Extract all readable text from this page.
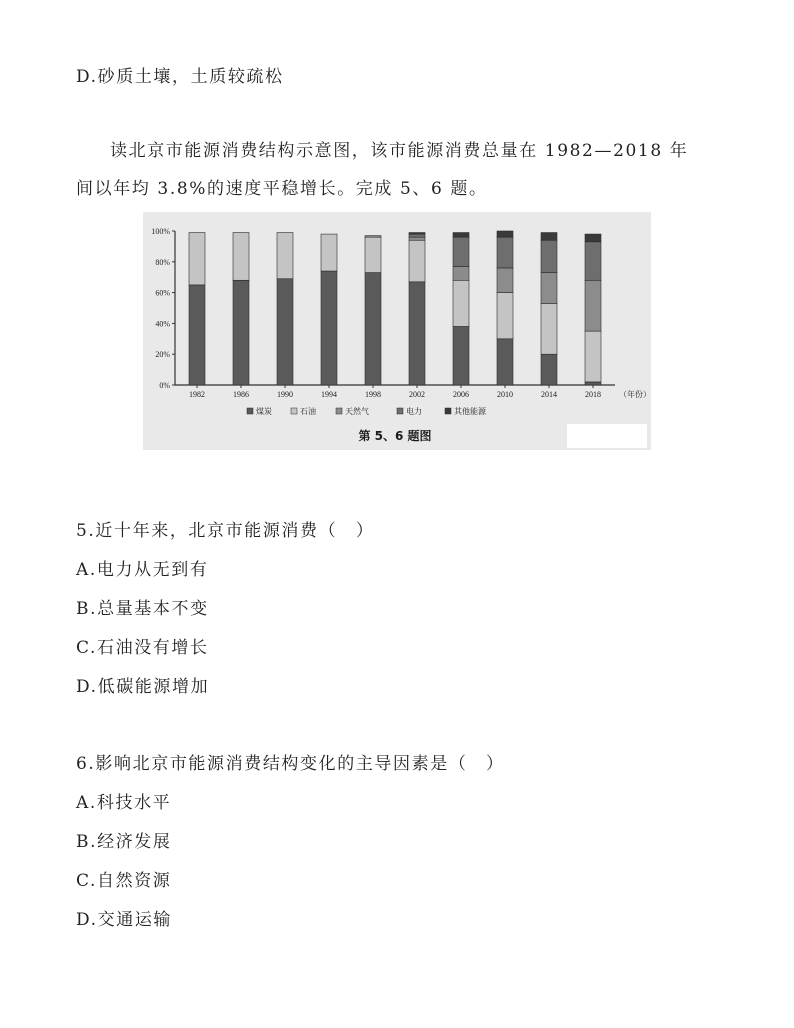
D.砂质土壤，土质较疏松
读北京市能源消费结构示意图，该市能源消费总量在 1982—2018 年
间以年均 3.8%的速度平稳增长。完成 5、6 题。
0%
20%
40%
60%
80%
100%
1982	1986	1990	1994	1998	2002	2006	2010	2014	2018 （年份）
煤炭	石油	天然气	电力	其他能源
第 5、6 题图
5.近十年来，北京市能源消费（　）
A.电力从无到有
B.总量基本不变
C.石油没有增长
D.低碳能源增加
6.影响北京市能源消费结构变化的主导因素是（　）
A.科技水平
B.经济发展
C.自然资源
D.交通运输
